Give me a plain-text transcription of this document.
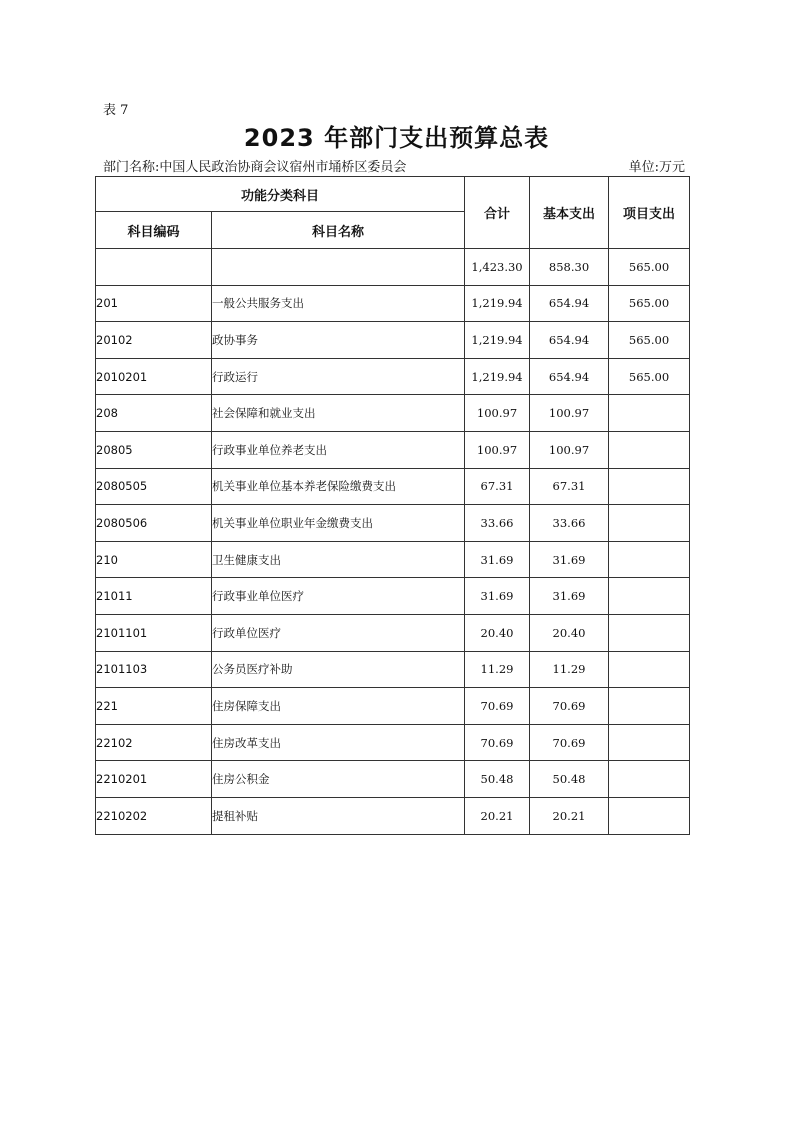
表 7
2023 年部门支出预算总表
部门名称:中国人民政治协商会议宿州市埇桥区委员会	单位:万元
功能分类科目		合计	基本支出	项目支出
科目编码	科目名称			
		1,423.30	858.30	565.00
201	一般公共服务支出	1,219.94	654.94	565.00
20102	政协事务	1,219.94	654.94	565.00
2010201	行政运行	1,219.94	654.94	565.00
208	社会保障和就业支出	100.97	100.97	
20805	行政事业单位养老支出	100.97	100.97	
2080505	机关事业单位基本养老保险缴费支出	67.31	67.31	
2080506	机关事业单位职业年金缴费支出	33.66	33.66	
210	卫生健康支出	31.69	31.69	
21011	行政事业单位医疗	31.69	31.69	
2101101	行政单位医疗	20.40	20.40	
2101103	公务员医疗补助	11.29	11.29	
221	住房保障支出	70.69	70.69	
22102	住房改革支出	70.69	70.69	
2210201	住房公积金	50.48	50.48	
2210202	提租补贴	20.21	20.21	
